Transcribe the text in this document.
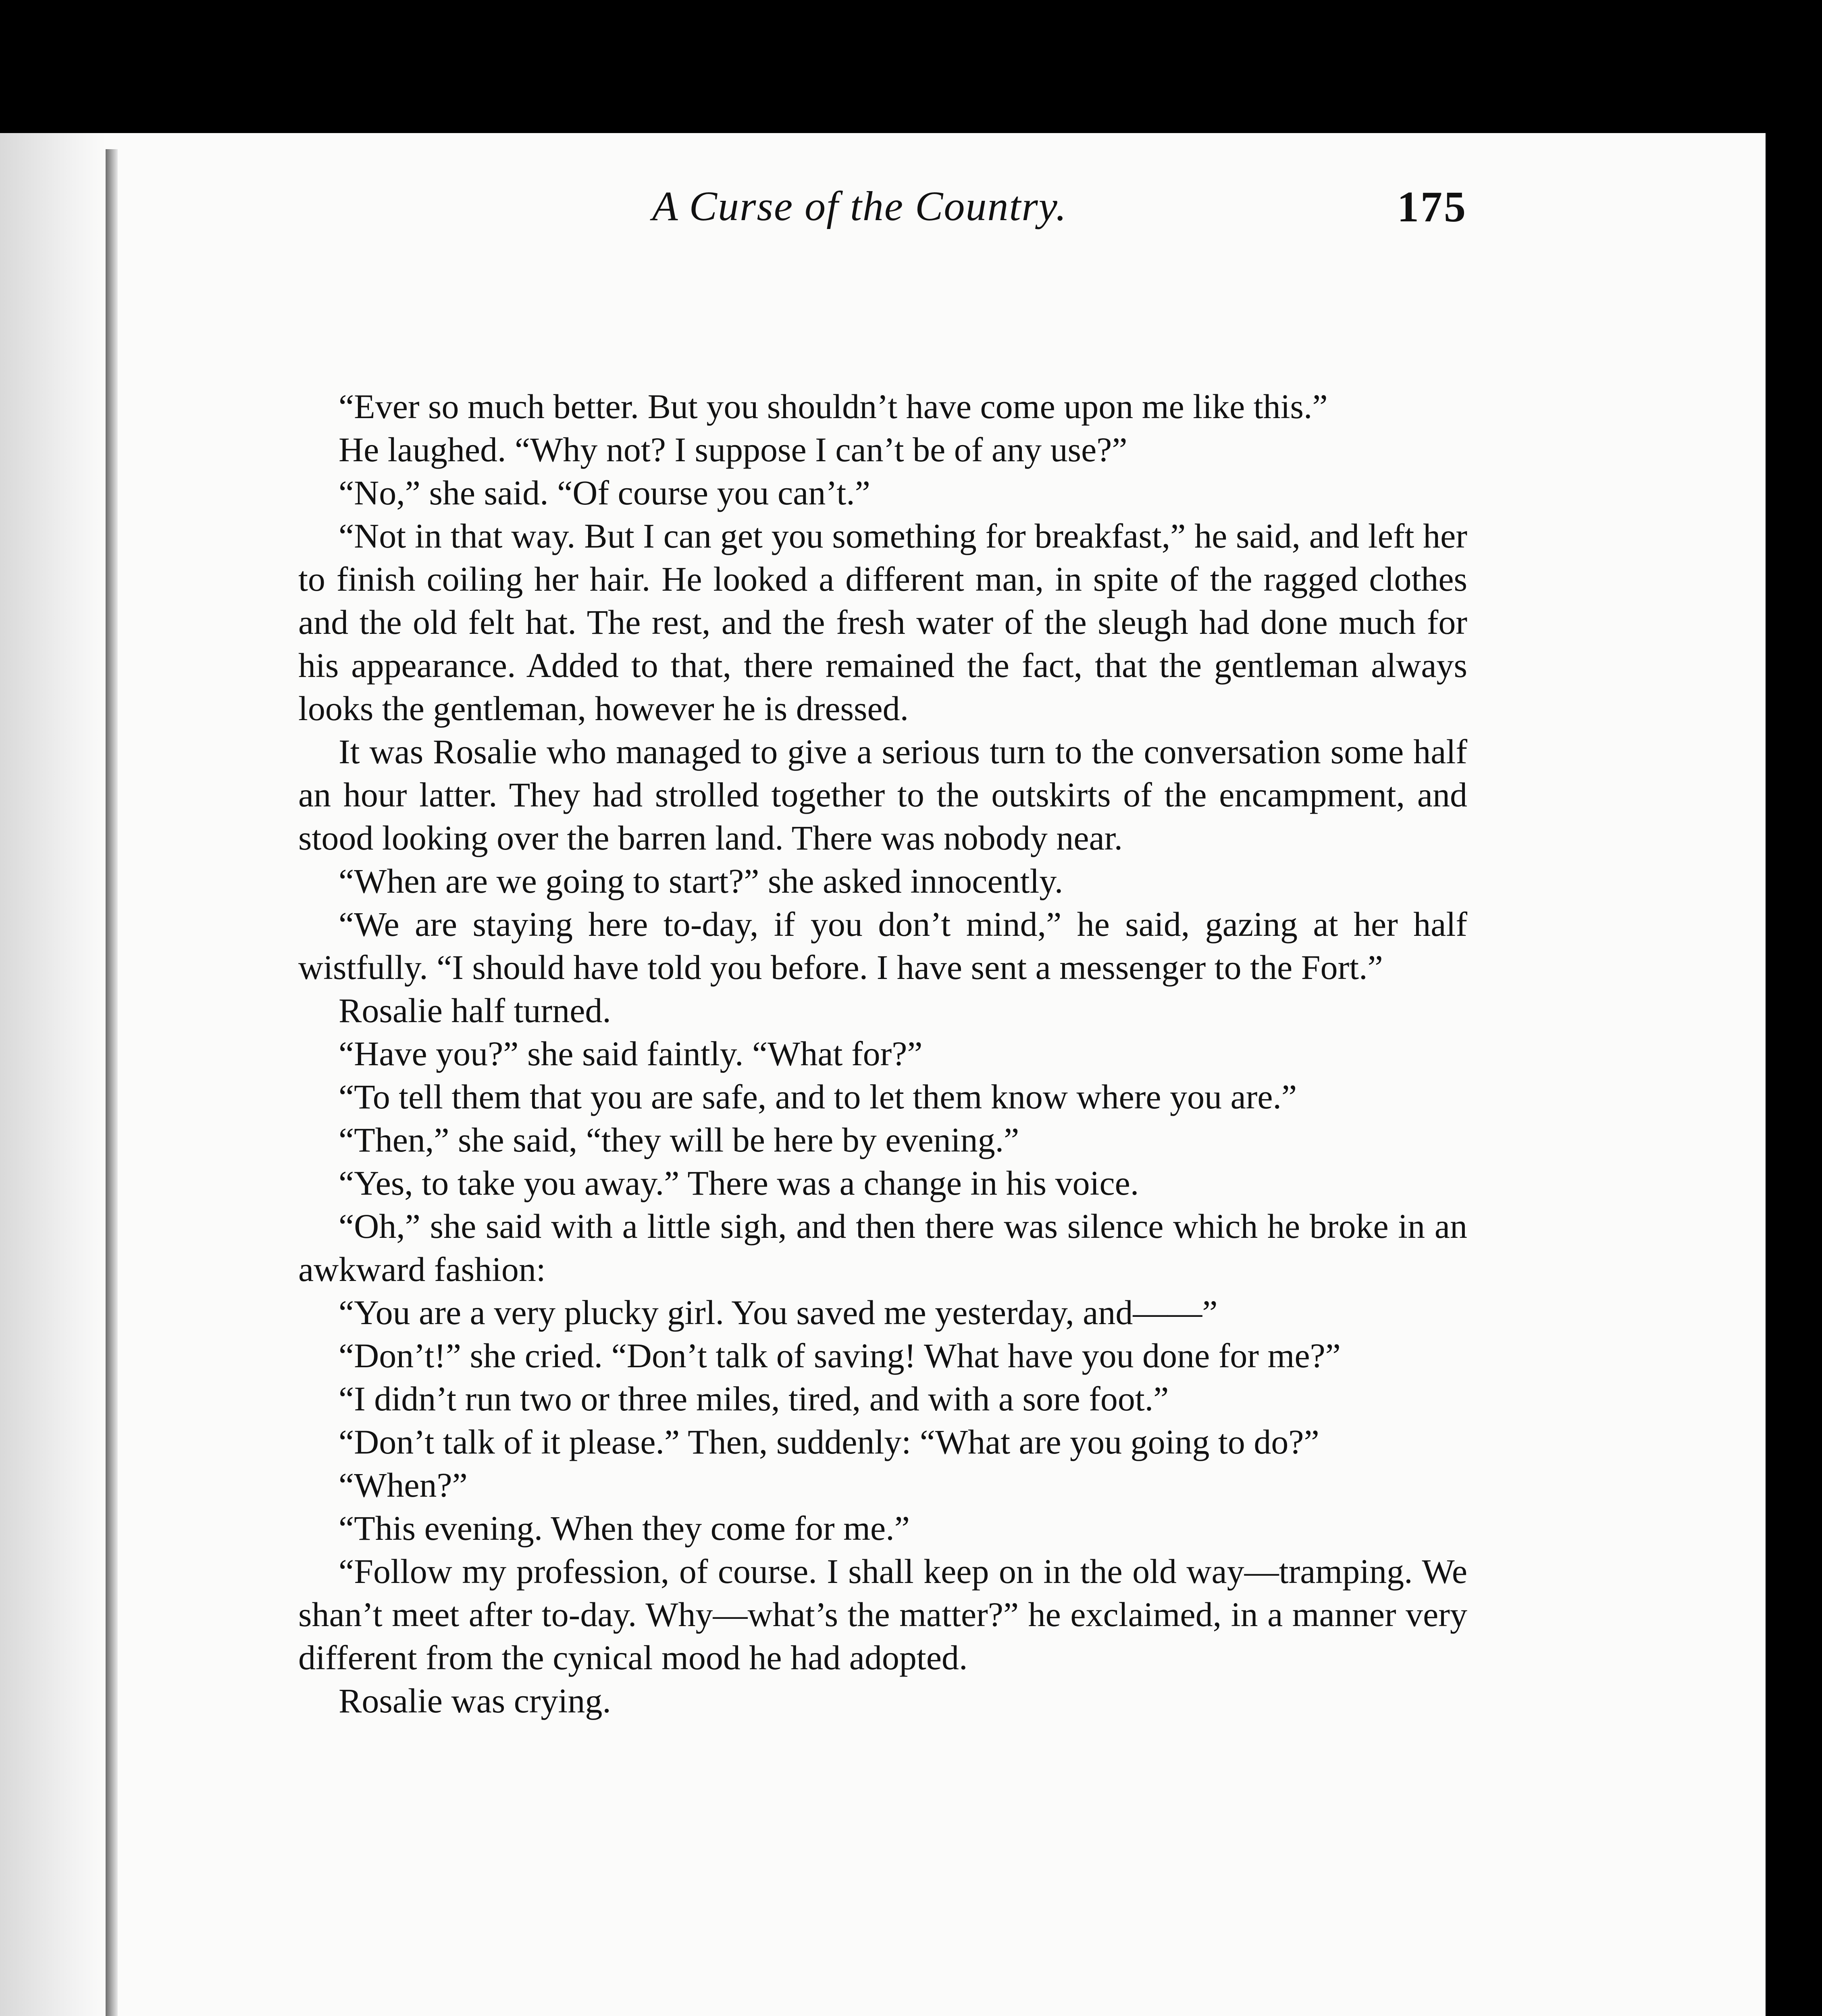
A Curse of the Country.	175

“Ever so much better. But you shouldn’t have come upon me like this.”

He laughed. “Why not? I suppose I can’t be of any use?”

“No,” she said. “Of course you can’t.”

“Not in that way. But I can get you something for breakfast,” he said, and left her to finish coiling her hair. He looked a different man, in spite of the ragged clothes and the old felt hat. The rest, and the fresh water of the sleugh had done much for his appearance. Added to that, there remained the fact, that the gentleman always looks the gentleman, however he is dressed.

It was Rosalie who managed to give a serious turn to the conversation some half an hour latter. They had strolled together to the outskirts of the encampment, and stood looking over the barren land. There was nobody near.

“When are we going to start?” she asked innocently.

“We are staying here to-day, if you don’t mind,” he said, gazing at her half wistfully. “I should have told you before. I have sent a messenger to the Fort.”

Rosalie half turned.

“Have you?” she said faintly. “What for?”

“To tell them that you are safe, and to let them know where you are.”

“Then,” she said, “they will be here by evening.”

“Yes, to take you away.” There was a change in his voice.

“Oh,” she said with a little sigh, and then there was silence which he broke in an awkward fashion:

“You are a very plucky girl. You saved me yesterday, and——”

“Don’t!” she cried. “Don’t talk of saving! What have you done for me?”

“I didn’t run two or three miles, tired, and with a sore foot.”

“Don’t talk of it please.” Then, suddenly: “What are you going to do?”

“When?”

“This evening. When they come for me.”

“Follow my profession, of course. I shall keep on in the old way—tramping. We shan’t meet after to-day. Why—what’s the matter?” he exclaimed, in a manner very different from the cynical mood he had adopted.

Rosalie was crying.
